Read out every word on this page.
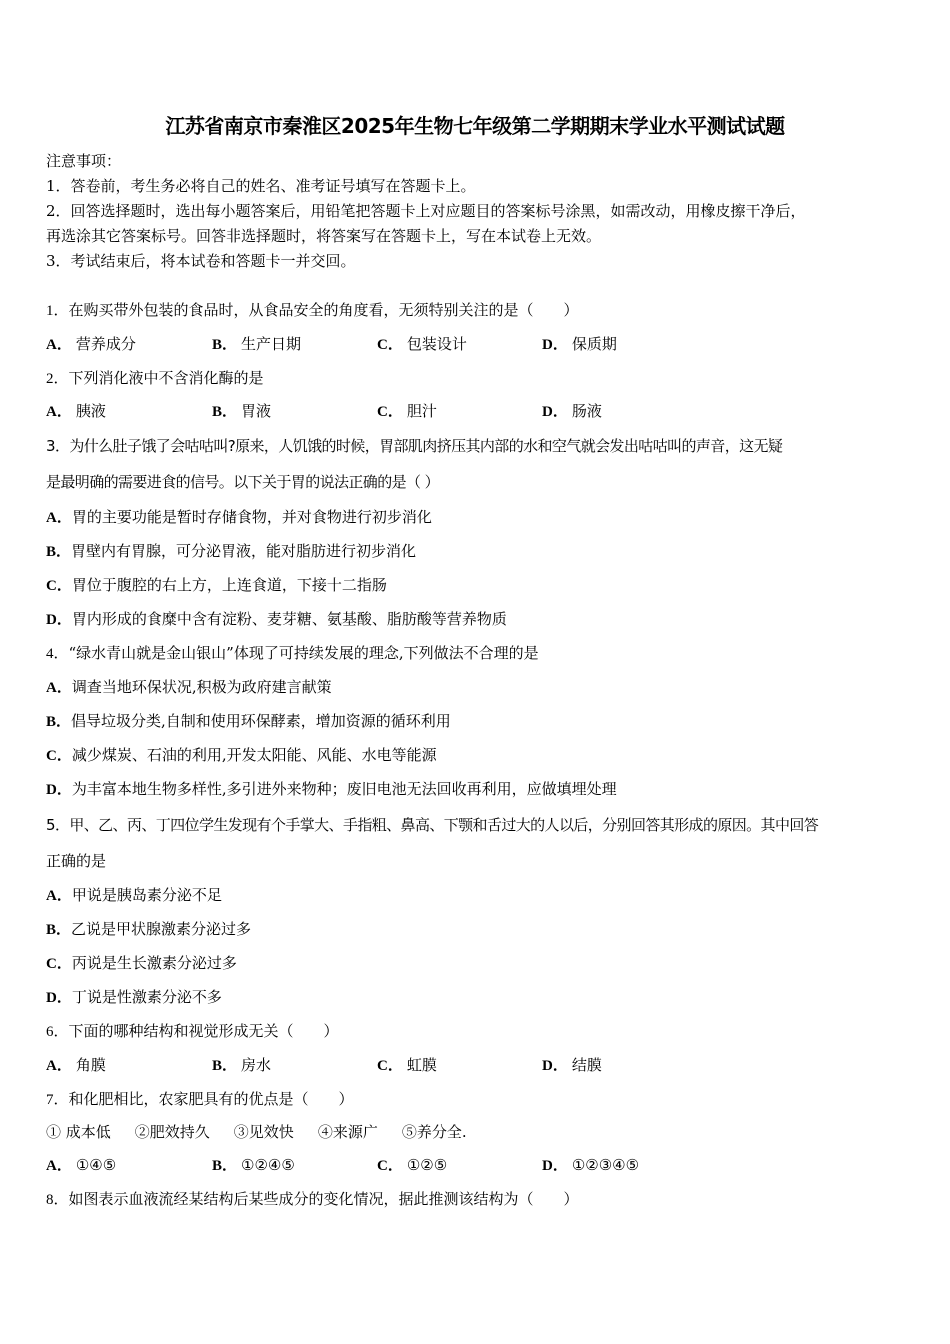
江苏省南京市秦淮区2025年生物七年级第二学期期末学业水平测试试题
注意事项：
1．答卷前，考生务必将自己的姓名、准考证号填写在答题卡上。
2．回答选择题时，选出每小题答案后，用铅笔把答题卡上对应题目的答案标号涂黑，如需改动，用橡皮擦干净后，
再选涂其它答案标号。回答非选择题时，将答案写在答题卡上，写在本试卷上无效。
3．考试结束后，将本试卷和答题卡一并交回。
1．在购买带外包装的食品时，从食品安全的角度看，无须特别关注的是（　　）
A． 营养成分	B． 生产日期	C． 包装设计	D． 保质期
2．下列消化液中不含消化酶的是
A． 胰液	B． 胃液	C． 胆汁	D． 肠液
3．为什么肚子饿了会咕咕叫?原来，人饥饿的时候，胃部肌肉挤压其内部的水和空气就会发出咕咕叫的声音，这无疑
是最明确的需要进食的信号。以下关于胃的说法正确的是（ ）
A．胃的主要功能是暂时存储食物，并对食物进行初步消化
B．胃壁内有胃腺，可分泌胃液，能对脂肪进行初步消化
C．胃位于腹腔的右上方，上连食道，下接十二指肠
D．胃内形成的食糜中含有淀粉、麦芽糖、氨基酸、脂肪酸等营养物质
4．“绿水青山就是金山银山”体现了可持续发展的理念,下列做法不合理的是
A．调查当地环保状况,积极为政府建言献策
B．倡导垃圾分类,自制和使用环保酵素，增加资源的循环利用
C．减少煤炭、石油的利用,开发太阳能、风能、水电等能源
D．为丰富本地生物多样性,多引进外来物种；废旧电池无法回收再利用，应做填埋处理
5．甲、乙、丙、丁四位学生发现有个手掌大、手指粗、鼻高、下颚和舌过大的人以后，分别回答其形成的原因。其中回答
正确的是
A．甲说是胰岛素分泌不足
B．乙说是甲状腺激素分泌过多
C．丙说是生长激素分泌过多
D．丁说是性激素分泌不多
6．下面的哪种结构和视觉形成无关（　　）
A． 角膜	B． 房水	C． 虹膜	D． 结膜
7．和化肥相比，农家肥具有的优点是（　　）
① 成本低 ②肥效持久 ③见效快 ④来源广 ⑤养分全.
A． ①④⑤	B． ①②④⑤	C． ①②⑤	D． ①②③④⑤
8．如图表示血液流经某结构后某些成分的变化情况，据此推测该结构为（　　）
